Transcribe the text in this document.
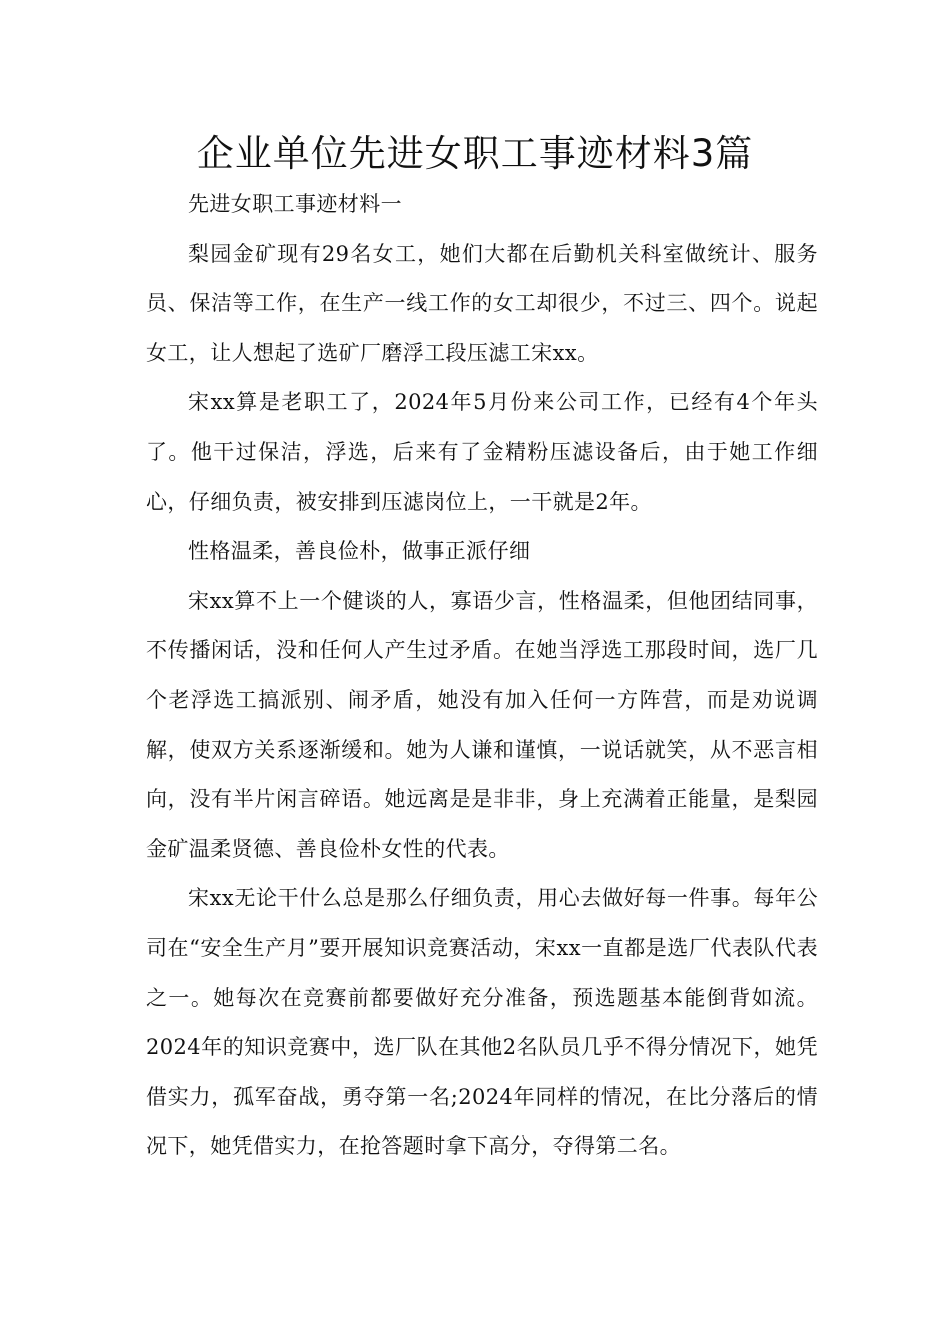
企业单位先进女职工事迹材料3篇

先进女职工事迹材料一

梨园金矿现有29名女工，她们大都在后勤机关科室做统计、服务员、保洁等工作，在生产一线工作的女工却很少，不过三、四个。说起女工，让人想起了选矿厂磨浮工段压滤工宋xx。

宋xx算是老职工了，2024年5月份来公司工作，已经有4个年头了。他干过保洁，浮选，后来有了金精粉压滤设备后，由于她工作细心，仔细负责，被安排到压滤岗位上，一干就是2年。

性格温柔，善良俭朴，做事正派仔细

宋xx算不上一个健谈的人，寡语少言，性格温柔，但他团结同事，不传播闲话，没和任何人产生过矛盾。在她当浮选工那段时间，选厂几个老浮选工搞派别、闹矛盾，她没有加入任何一方阵营，而是劝说调解，使双方关系逐渐缓和。她为人谦和谨慎，一说话就笑，从不恶言相向，没有半片闲言碎语。她远离是是非非，身上充满着正能量，是梨园金矿温柔贤德、善良俭朴女性的代表。

宋xx无论干什么总是那么仔细负责，用心去做好每一件事。每年公司在“安全生产月”要开展知识竞赛活动，宋xx一直都是选厂代表队代表之一。她每次在竞赛前都要做好充分准备，预选题基本能倒背如流。2024年的知识竞赛中，选厂队在其他2名队员几乎不得分情况下，她凭借实力，孤军奋战，勇夺第一名;2024年同样的情况，在比分落后的情况下，她凭借实力，在抢答题时拿下高分，夺得第二名。
